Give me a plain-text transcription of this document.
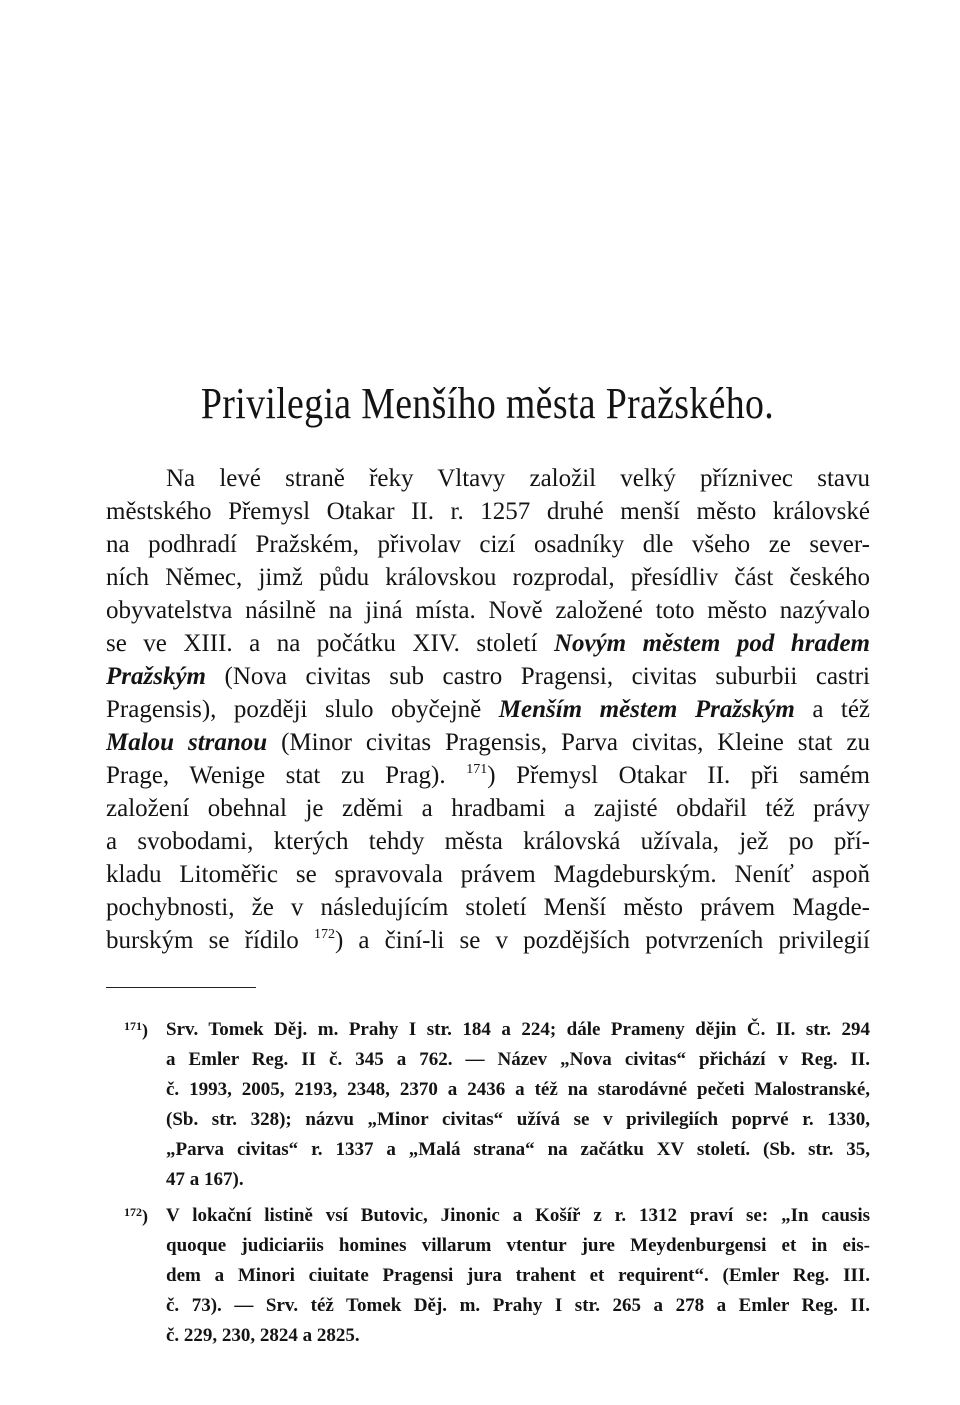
Privilegia Menšího města Pražského.
Na levé straně řeky Vltavy založil velký příznivec stavu
městského Přemysl Otakar II. r. 1257 druhé menší město královské
na podhradí Pražském, přivolav cizí osadníky dle všeho ze sever-
ních Němec, jimž půdu královskou rozprodal, přesídliv část českého
obyvatelstva násilně na jiná místa. Nově založené toto město nazývalo
se ve XIII. a na počátku XIV. století Novým městem pod hradem
Pražským (Nova civitas sub castro Pragensi, civitas suburbii castri
Pragensis), později slulo obyčejně Menším městem Pražským a též
Malou stranou (Minor civitas Pragensis, Parva civitas, Kleine stat zu
Prage, Wenige stat zu Prag). $^{171}$) Přemysl Otakar II. při samém
založení obehnal je zděmi a hradbami a zajisté obdařil též právy
a svobodami, kterých tehdy města královská užívala, jež po pří-
kladu Litoměřic se spravovala právem Magdeburským. Neníť aspoň
pochybnosti, že v následujícím století Menší město právem Magde-
burským se řídilo $^{172}$) a činí-li se v pozdějších potvrzeních privilegií
$^{171}$) Srv. Tomek Děj. m. Prahy I str. 184 a 224; dále Prameny dějin Č. II. str. 294
a Emler Reg. II č. 345 a 762. — Název „Nova civitas“ přichází v Reg. II.
č. 1993, 2005, 2193, 2348, 2370 a 2436 a též na starodávné pečeti Malostranské,
(Sb. str. 328); názvu „Minor civitas“ užívá se v privilegiích poprvé r. 1330,
„Parva civitas“ r. 1337 a „Malá strana“ na začátku XV století. (Sb. str. 35,
47 a 167).
$^{172}$) V lokační listině vsí Butovic, Jinonic a Košíř z r. 1312 praví se: „In causis
quoque judiciariis homines villarum vtentur jure Meydenburgensi et in eis-
dem a Minori ciuitate Pragensi jura trahent et requirent“. (Emler Reg. III.
č. 73). — Srv. též Tomek Děj. m. Prahy I str. 265 a 278 a Emler Reg. II.
č. 229, 230, 2824 a 2825.
